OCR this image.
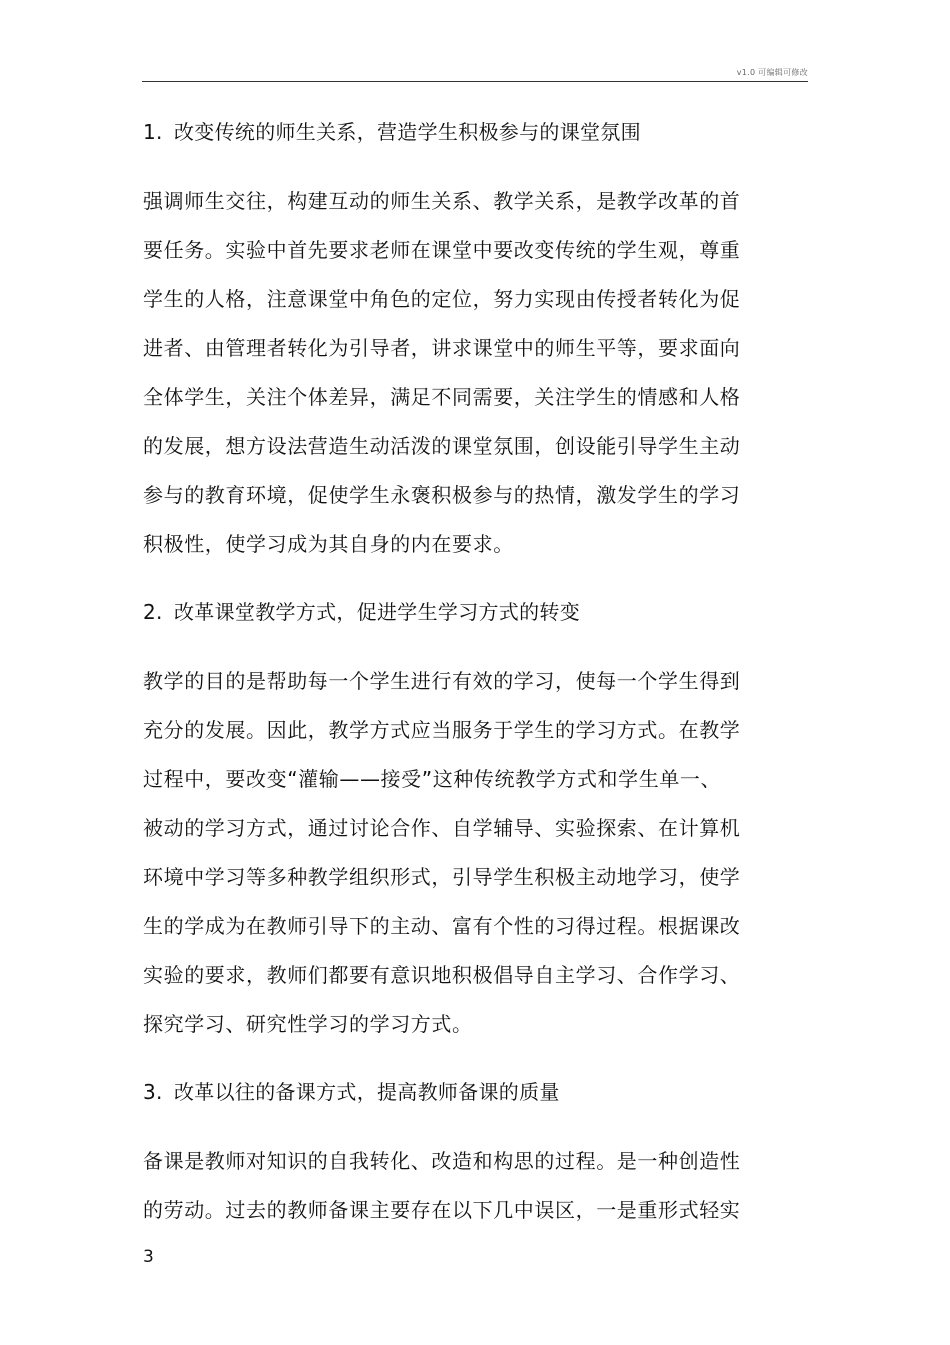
v1.0 可编辑可修改

1. 改变传统的师生关系，营造学生积极参与的课堂氛围

强调师生交往，构建互动的师生关系、教学关系，是教学改革的首

要任务。实验中首先要求老师在课堂中要改变传统的学生观，尊重

学生的人格，注意课堂中角色的定位，努力实现由传授者转化为促

进者、由管理者转化为引导者，讲求课堂中的师生平等，要求面向

全体学生，关注个体差异，满足不同需要，关注学生的情感和人格

的发展，想方设法营造生动活泼的课堂氛围，创设能引导学生主动

参与的教育环境，促使学生永褒积极参与的热情，激发学生的学习

积极性，使学习成为其自身的内在要求。

2. 改革课堂教学方式，促进学生学习方式的转变

教学的目的是帮助每一个学生进行有效的学习，使每一个学生得到

充分的发展。因此，教学方式应当服务于学生的学习方式。在教学

过程中，要改变“灌输——接受”这种传统教学方式和学生单一、

被动的学习方式，通过讨论合作、自学辅导、实验探索、在计算机

环境中学习等多种教学组织形式，引导学生积极主动地学习，使学

生的学成为在教师引导下的主动、富有个性的习得过程。根据课改

实验的要求，教师们都要有意识地积极倡导自主学习、合作学习、

探究学习、研究性学习的学习方式。

3. 改革以往的备课方式，提高教师备课的质量

备课是教师对知识的自我转化、改造和构思的过程。是一种创造性

的劳动。过去的教师备课主要存在以下几中误区，一是重形式轻实

3
